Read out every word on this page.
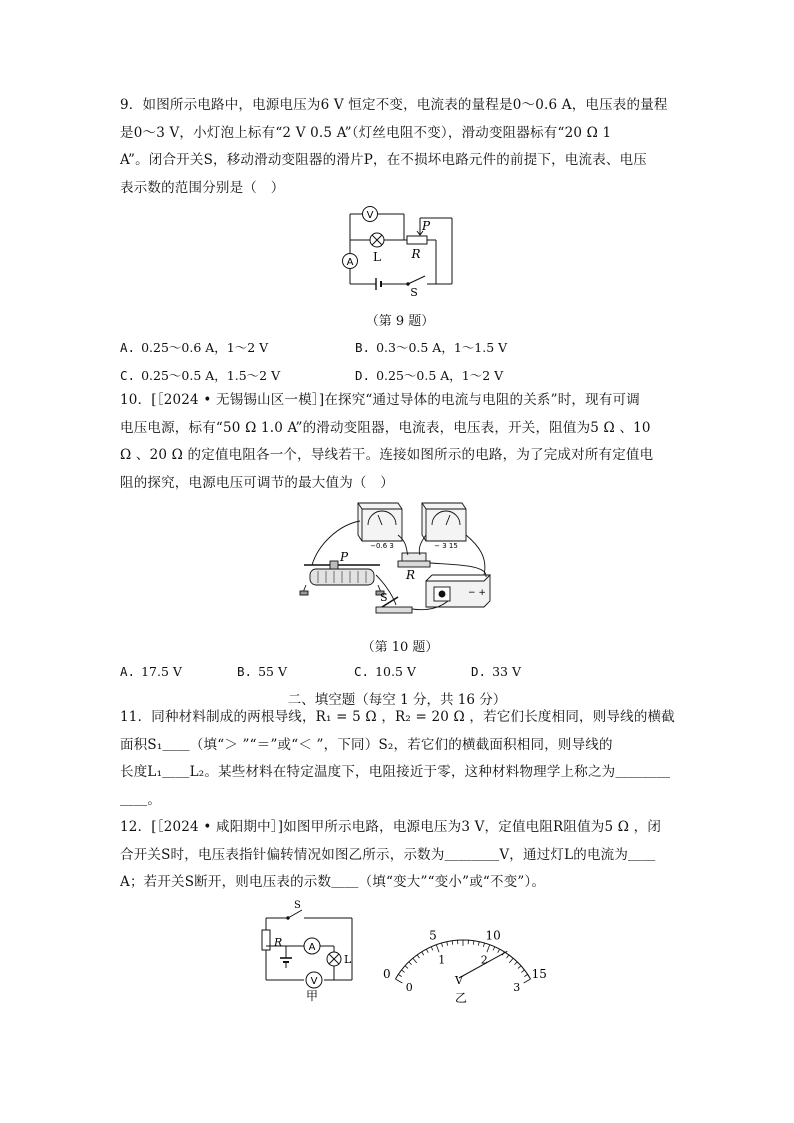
9．如图所示电路中，电源电压为6 V 恒定不变，电流表的量程是0～0.6 A，电压表的量程
是0～3 V，小灯泡上标有“2 V 0.5 A”（灯丝电阻不变），滑动变阻器标有“20 Ω 1
A”。闭合开关S，移动滑动变阻器的滑片P，在不损坏电路元件的前提下，电流表、电压
表示数的范围分别是（　）
V
L
A
R
P
S
（第 9 题）
A. 0.25～0.6 A，1～2 V	B. 0.3～0.5 A，1～1.5 V
C. 0.25～0.5 A，1.5～2 V	D. 0.25～0.5 A，1～2 V
10．[［2024 • 无锡锡山区一模］]在探究“通过导体的电流与电阻的关系”时，现有可调
电压电源，标有“50 Ω 1.0 A”的滑动变阻器，电流表，电压表，开关，阻值为5 Ω 、10
Ω 、20 Ω 的定值电阻各一个，导线若干。连接如图所示的电路，为了完成对所有定值电
阻的探究，电源电压可调节的最大值为（　）
−0.6 3	− 3 15
P
R
S	− +
（第 10 题）
A. 17.5 V	B. 55 V	C. 10.5 V	D. 33 V
二、填空题（每空 1 分，共 16 分）
11．同种材料制成的两根导线，R₁ = 5 Ω ，R₂ = 20 Ω ，若它们长度相同，则导线的横截
面积S₁＿＿（填“＞ ”“＝”或“＜ ”，下同）S₂，若它们的横截面积相同，则导线的
长度L₁＿＿L₂。某些材料在特定温度下，电阻接近于零，这种材料物理学上称之为＿＿＿＿
＿＿。
12．[［2024 • 咸阳期中］]如图甲所示电路，电源电压为3 V，定值电阻R阻值为5 Ω ，闭
合开关S时，电压表指针偏转情况如图乙所示，示数为＿＿＿＿V，通过灯L的电流为＿＿
A；若开关S断开，则电压表的示数＿＿（填“变大”“变小”或“不变”）。
A
V
L
R
S
甲
0
5	10
15
0
1	2
3
V
乙
